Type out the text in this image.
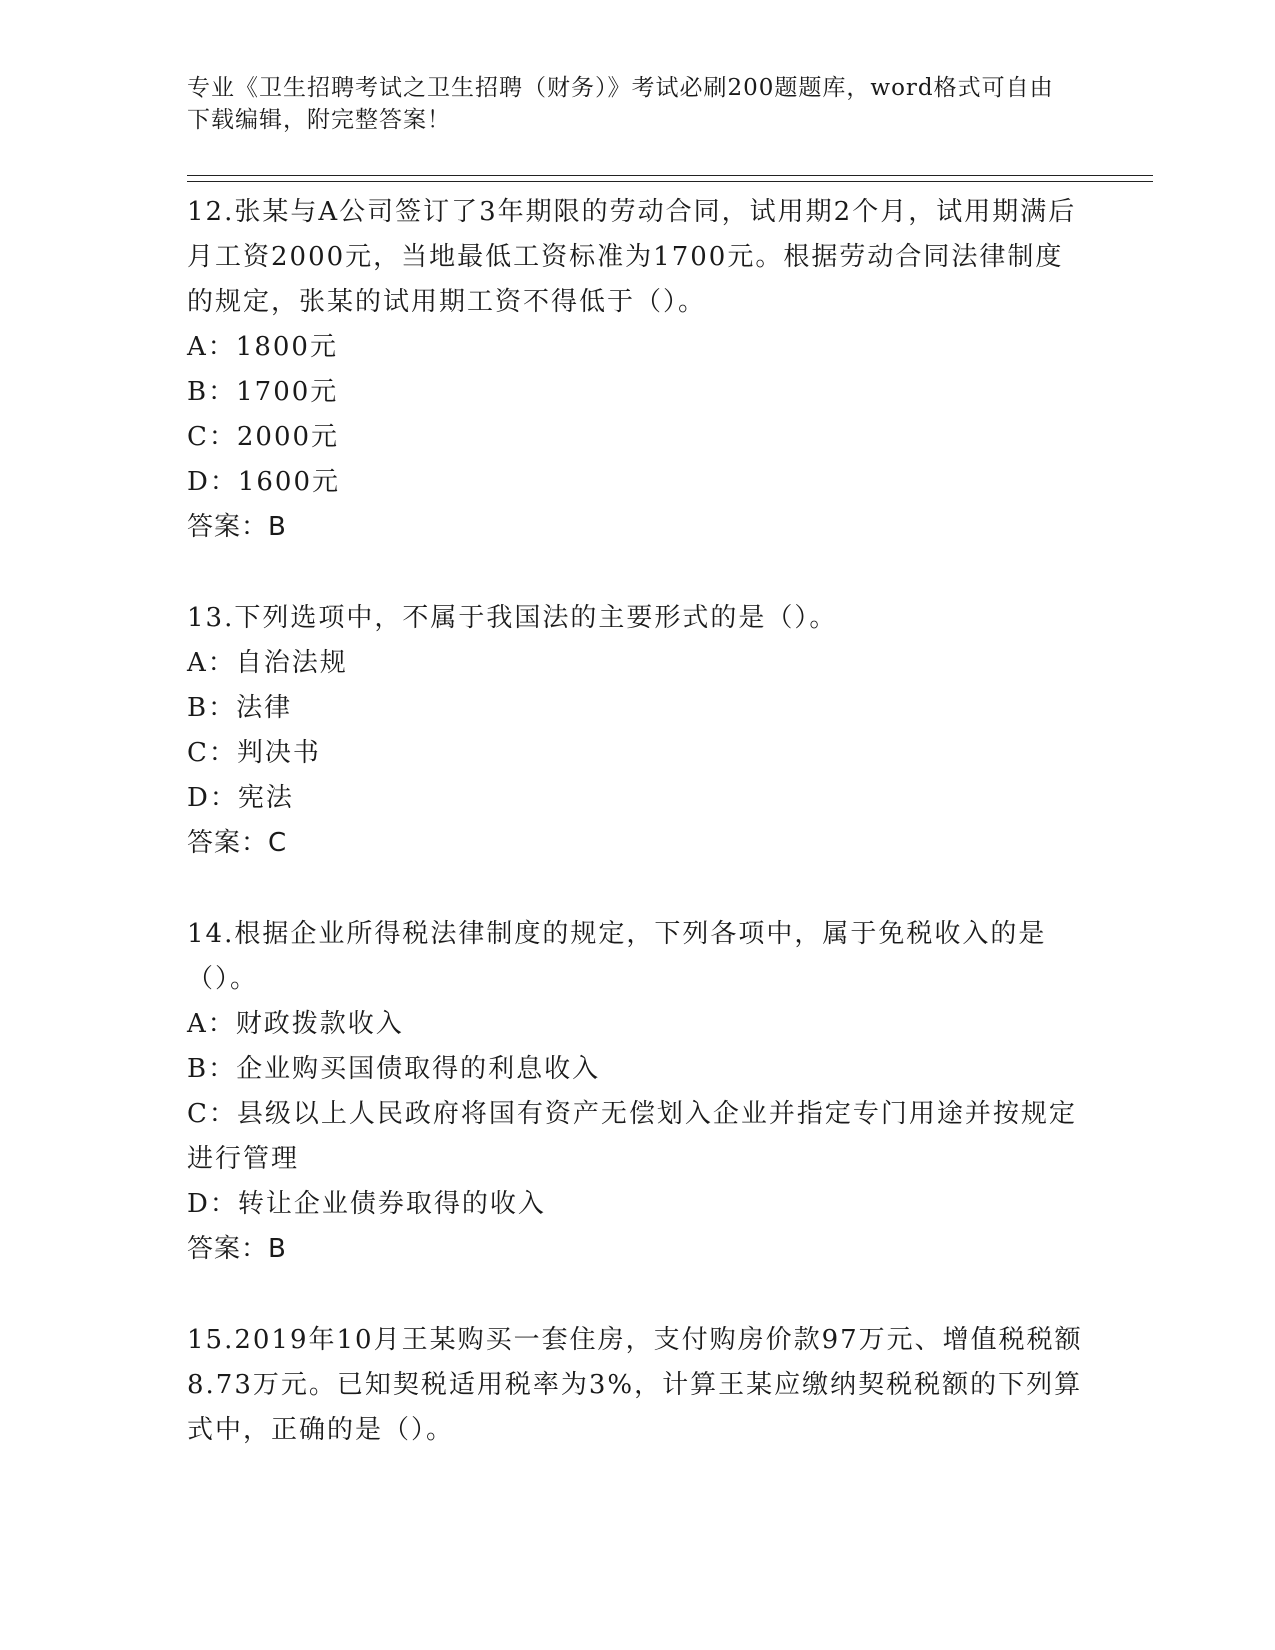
专业《卫生招聘考试之卫生招聘（财务）》考试必刷200题题库，word格式可自由下载编辑，附完整答案！
12.张某与A公司签订了3年期限的劳动合同，试用期2个月，试用期满后月工资2000元，当地最低工资标准为1700元。根据劳动合同法律制度的规定，张某的试用期工资不得低于（）。
A：1800元
B：1700元
C：2000元
D：1600元
答案：B
13.下列选项中，不属于我国法的主要形式的是（）。
A：自治法规
B：法律
C：判决书
D：宪法
答案：C
14.根据企业所得税法律制度的规定，下列各项中，属于免税收入的是（）。
A：财政拨款收入
B：企业购买国债取得的利息收入
C：县级以上人民政府将国有资产无偿划入企业并指定专门用途并按规定进行管理
D：转让企业债券取得的收入
答案：B
15.2019年10月王某购买一套住房，支付购房价款97万元、增值税税额8.73万元。已知契税适用税率为3%，计算王某应缴纳契税税额的下列算式中，正确的是（）。
